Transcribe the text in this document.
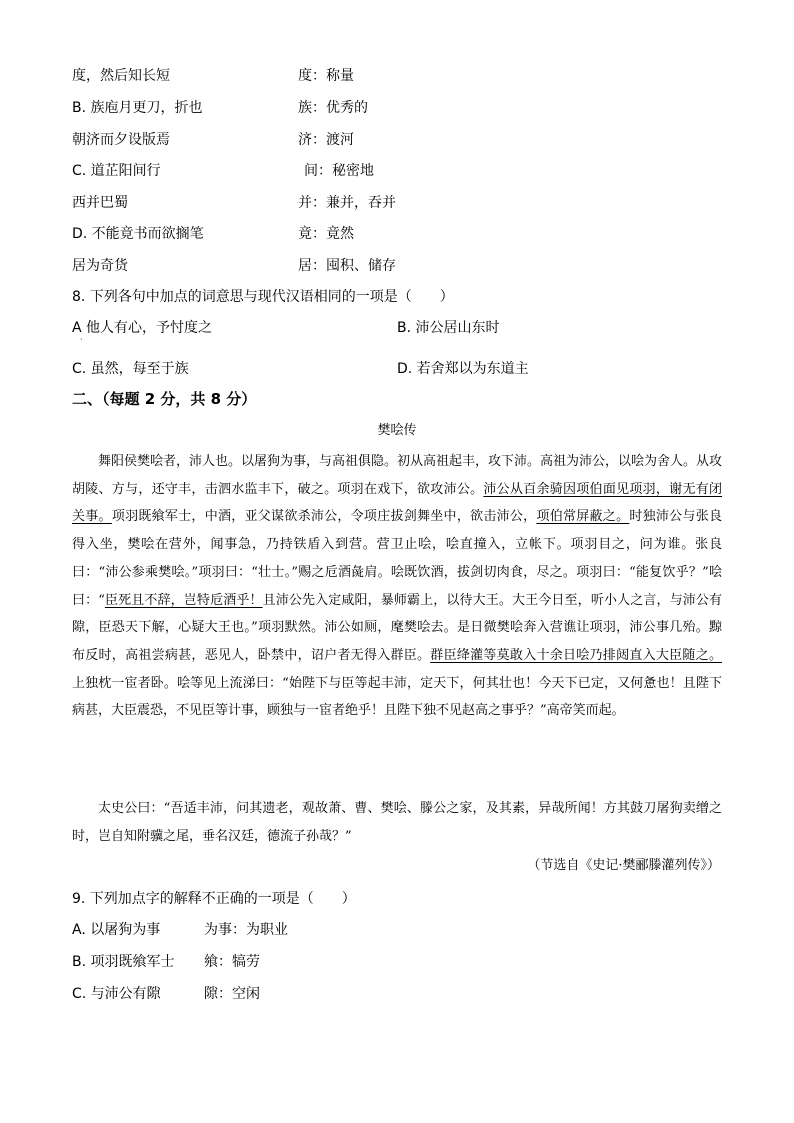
度，然后知长短	度：称量
B. 族庖月更刀，折也	族：优秀的
朝济而夕设版焉	济：渡河
C. 道芷阳间行	间：秘密地
西并巴蜀	并：兼并，吞并
D. 不能竟书而欲搁笔	竟：竟然
居为奇货	居：囤积、储存
8. 下列各句中加点的词意思与现代汉语相同的一项是（　　）
A 他人有心，予忖度之	B. 沛公居山东时
·
C. 虽然，每至于族	D. 若舍郑以为东道主
二、（每题 2 分，共 8 分）
樊哙传
舞阳侯樊哙者，沛人也。以屠狗为事，与高祖俱隐。初从高祖起丰，攻下沛。高祖为沛公，以哙为舍人。从攻胡陵、方与，还守丰，击泗水监丰下，破之。项羽在戏下，欲攻沛公。沛公从百余骑因项伯面见项羽，谢无有闭关事。项羽既飨军士，中酒，亚父谋欲杀沛公，令项庄拔剑舞坐中，欲击沛公，项伯常屏蔽之。时独沛公与张良得入坐，樊哙在营外，闻事急，乃持铁盾入到营。营卫止哙，哙直撞入，立帐下。项羽目之，问为谁。张良曰：“沛公参乘樊哙。”项羽曰：“壮士。”赐之卮酒彘肩。哙既饮酒，拔剑切肉食，尽之。项羽曰：“能复饮乎？”哙曰：“臣死且不辞，岂特卮酒乎！且沛公先入定咸阳，暴师霸上，以待大王。大王今日至，听小人之言，与沛公有隙，臣恐天下解，心疑大王也。”项羽默然。沛公如厕，麾樊哙去。是日微樊哙奔入营谯让项羽，沛公事几殆。黥布反时，高祖尝病甚，恶见人，卧禁中，诏户者无得入群臣。群臣绛灌等莫敢入十余日哙乃排闼直入大臣随之。上独枕一宦者卧。哙等见上流涕曰：“始陛下与臣等起丰沛，定天下，何其壮也！今天下已定，又何惫也！且陛下病甚，大臣震恐，不见臣等计事，顾独与一宦者绝乎！且陛下独不见赵高之事乎？”高帝笑而起。
太史公曰：“吾适丰沛，问其遗老，观故萧、曹、樊哙、滕公之家，及其素，异哉所闻！方其鼓刀屠狗卖缯之时，岂自知附骥之尾，垂名汉廷，德流子孙哉？”
（节选自《史记·樊郦滕灌列传》）
9. 下列加点字的解释不正确的一项是（　　）
A. 以屠狗为事	为事：为职业
B. 项羽既飨军士 飨：犒劳
C. 与沛公有隙	隙：空闲
